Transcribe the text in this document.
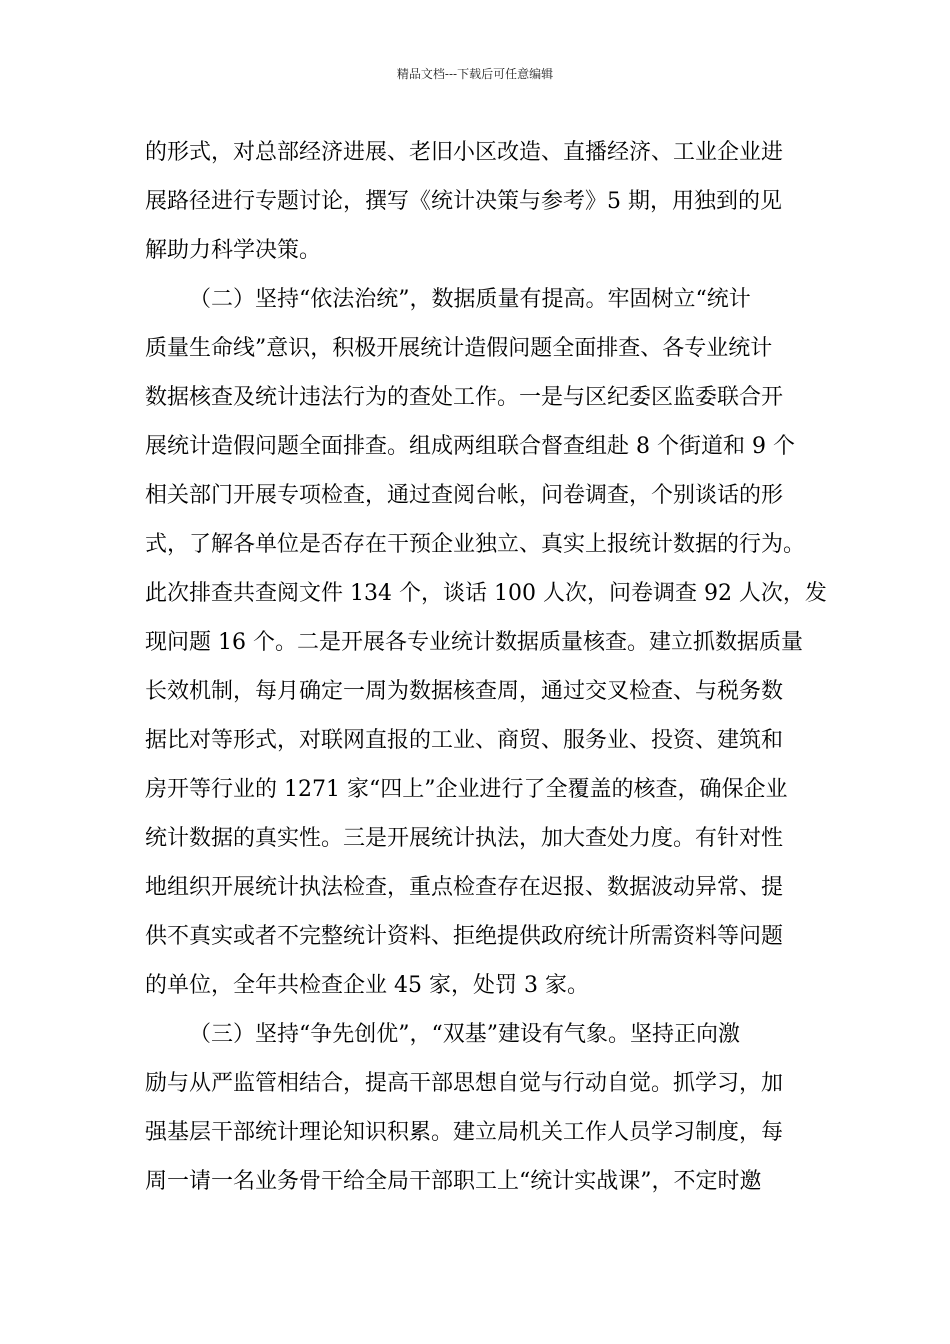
精品文档---下载后可任意编辑
的形式，对总部经济进展、老旧小区改造、直播经济、工业企业进
展路径进行专题讨论，撰写《统计决策与参考》5 期，用独到的见
解助力科学决策。
（二）坚持“依法治统”，数据质量有提高。牢固树立“统计
质量生命线”意识，积极开展统计造假问题全面排查、各专业统计
数据核查及统计违法行为的查处工作。一是与区纪委区监委联合开
展统计造假问题全面排查。组成两组联合督查组赴 8 个街道和 9 个
相关部门开展专项检查，通过查阅台帐，问卷调查，个别谈话的形
式，了解各单位是否存在干预企业独立、真实上报统计数据的行为。
此次排查共查阅文件 134 个，谈话 100 人次，问卷调查 92 人次，发
现问题 16 个。二是开展各专业统计数据质量核查。建立抓数据质量
长效机制，每月确定一周为数据核查周，通过交叉检查、与税务数
据比对等形式，对联网直报的工业、商贸、服务业、投资、建筑和
房开等行业的 1271 家“四上”企业进行了全覆盖的核查，确保企业
统计数据的真实性。三是开展统计执法，加大查处力度。有针对性
地组织开展统计执法检查，重点检查存在迟报、数据波动异常、提
供不真实或者不完整统计资料、拒绝提供政府统计所需资料等问题
的单位，全年共检查企业 45 家，处罚 3 家。
（三）坚持“争先创优”，“双基”建设有气象。坚持正向激
励与从严监管相结合，提高干部思想自觉与行动自觉。抓学习，加
强基层干部统计理论知识积累。建立局机关工作人员学习制度，每
周一请一名业务骨干给全局干部职工上“统计实战课”，不定时邀
